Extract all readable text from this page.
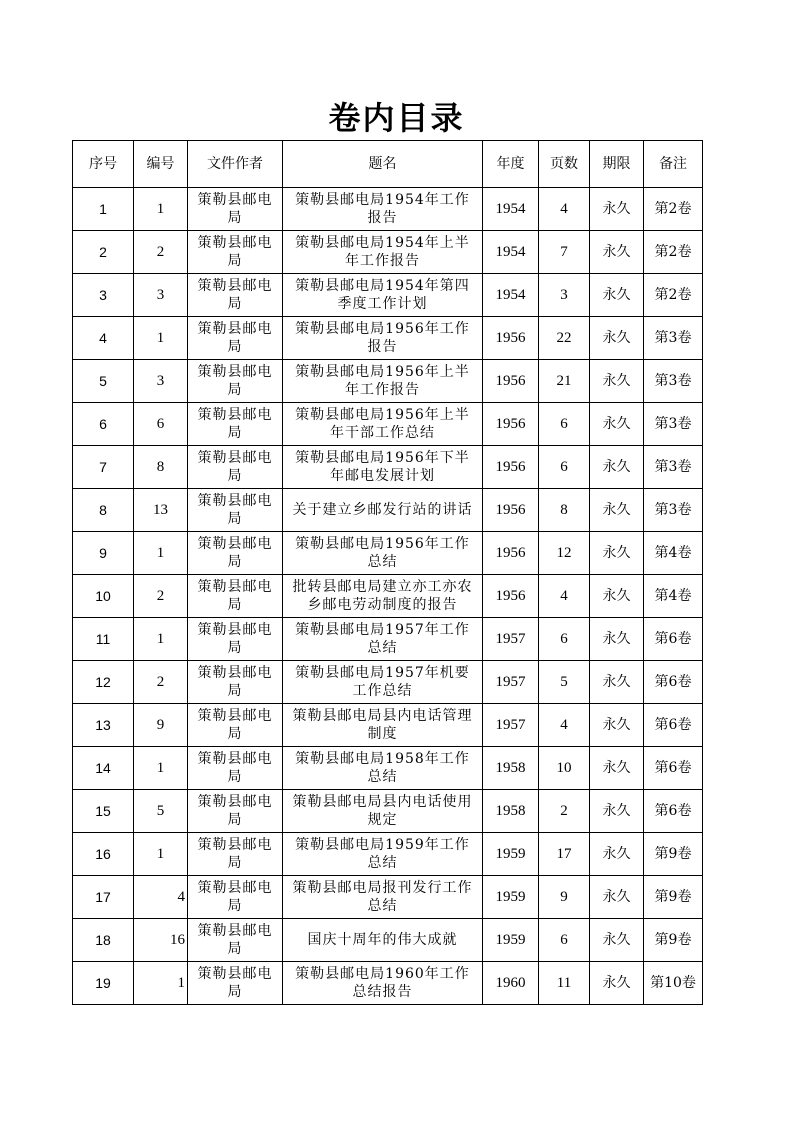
卷内目录
序号	编号	文件作者	题名	年度	页数	期限	备注
1	1	策勒县邮电局	策勒县邮电局1954年工作报告	1954	4	永久	第2卷
2	2	策勒县邮电局	策勒县邮电局1954年上半年工作报告	1954	7	永久	第2卷
3	3	策勒县邮电局	策勒县邮电局1954年第四季度工作计划	1954	3	永久	第2卷
4	1	策勒县邮电局	策勒县邮电局1956年工作报告	1956	22	永久	第3卷
5	3	策勒县邮电局	策勒县邮电局1956年上半年工作报告	1956	21	永久	第3卷
6	6	策勒县邮电局	策勒县邮电局1956年上半年干部工作总结	1956	6	永久	第3卷
7	8	策勒县邮电局	策勒县邮电局1956年下半年邮电发展计划	1956	6	永久	第3卷
8	13	策勒县邮电局	关于建立乡邮发行站的讲话	1956	8	永久	第3卷
9	1	策勒县邮电局	策勒县邮电局1956年工作总结	1956	12	永久	第4卷
10	2	策勒县邮电局	批转县邮电局建立亦工亦农乡邮电劳动制度的报告	1956	4	永久	第4卷
11	1	策勒县邮电局	策勒县邮电局1957年工作总结	1957	6	永久	第6卷
12	2	策勒县邮电局	策勒县邮电局1957年机要工作总结	1957	5	永久	第6卷
13	9	策勒县邮电局	策勒县邮电局县内电话管理制度	1957	4	永久	第6卷
14	1	策勒县邮电局	策勒县邮电局1958年工作总结	1958	10	永久	第6卷
15	5	策勒县邮电局	策勒县邮电局县内电话使用规定	1958	2	永久	第6卷
16	1	策勒县邮电局	策勒县邮电局1959年工作总结	1959	17	永久	第9卷
17	4	策勒县邮电局	策勒县邮电局报刊发行工作总结	1959	9	永久	第9卷
18	16	策勒县邮电局	国庆十周年的伟大成就	1959	6	永久	第9卷
19	1	策勒县邮电局	策勒县邮电局1960年工作总结报告	1960	11	永久	第10卷
